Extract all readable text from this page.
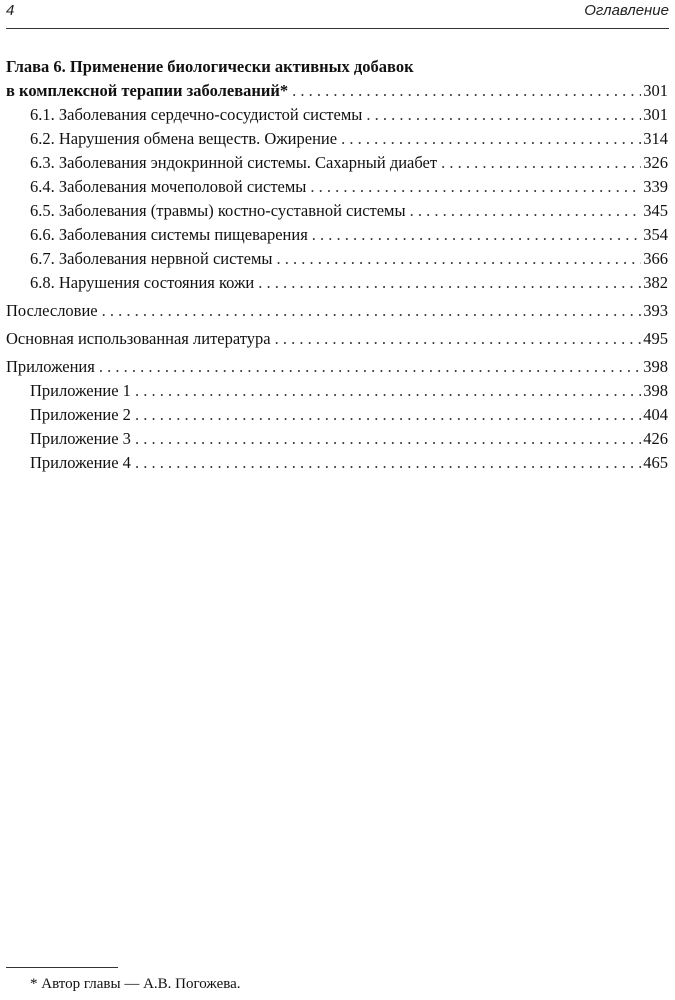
4	Оглавление
Глава 6. Применение биологически активных добавок
в комплексной терапии заболеваний* . . .	301
6.1. Заболевания сердечно-сосудистой системы . . .	301
6.2. Нарушения обмена веществ. Ожирение . . .	314
6.3. Заболевания эндокринной системы. Сахарный диабет . . .	326
6.4. Заболевания мочеполовой системы . . .	339
6.5. Заболевания (травмы) костно-суставной системы . . .	345
6.6. Заболевания системы пищеварения . . .	354
6.7. Заболевания нервной системы . . .	366
6.8. Нарушения состояния кожи . . .	382
Послесловие . . .	393
Основная использованная литература . . .	495
Приложения . . .	398
Приложение 1 . . .	398
Приложение 2 . . .	404
Приложение 3 . . .	426
Приложение 4 . . .	465
* Автор главы — А.В. Погожева.
